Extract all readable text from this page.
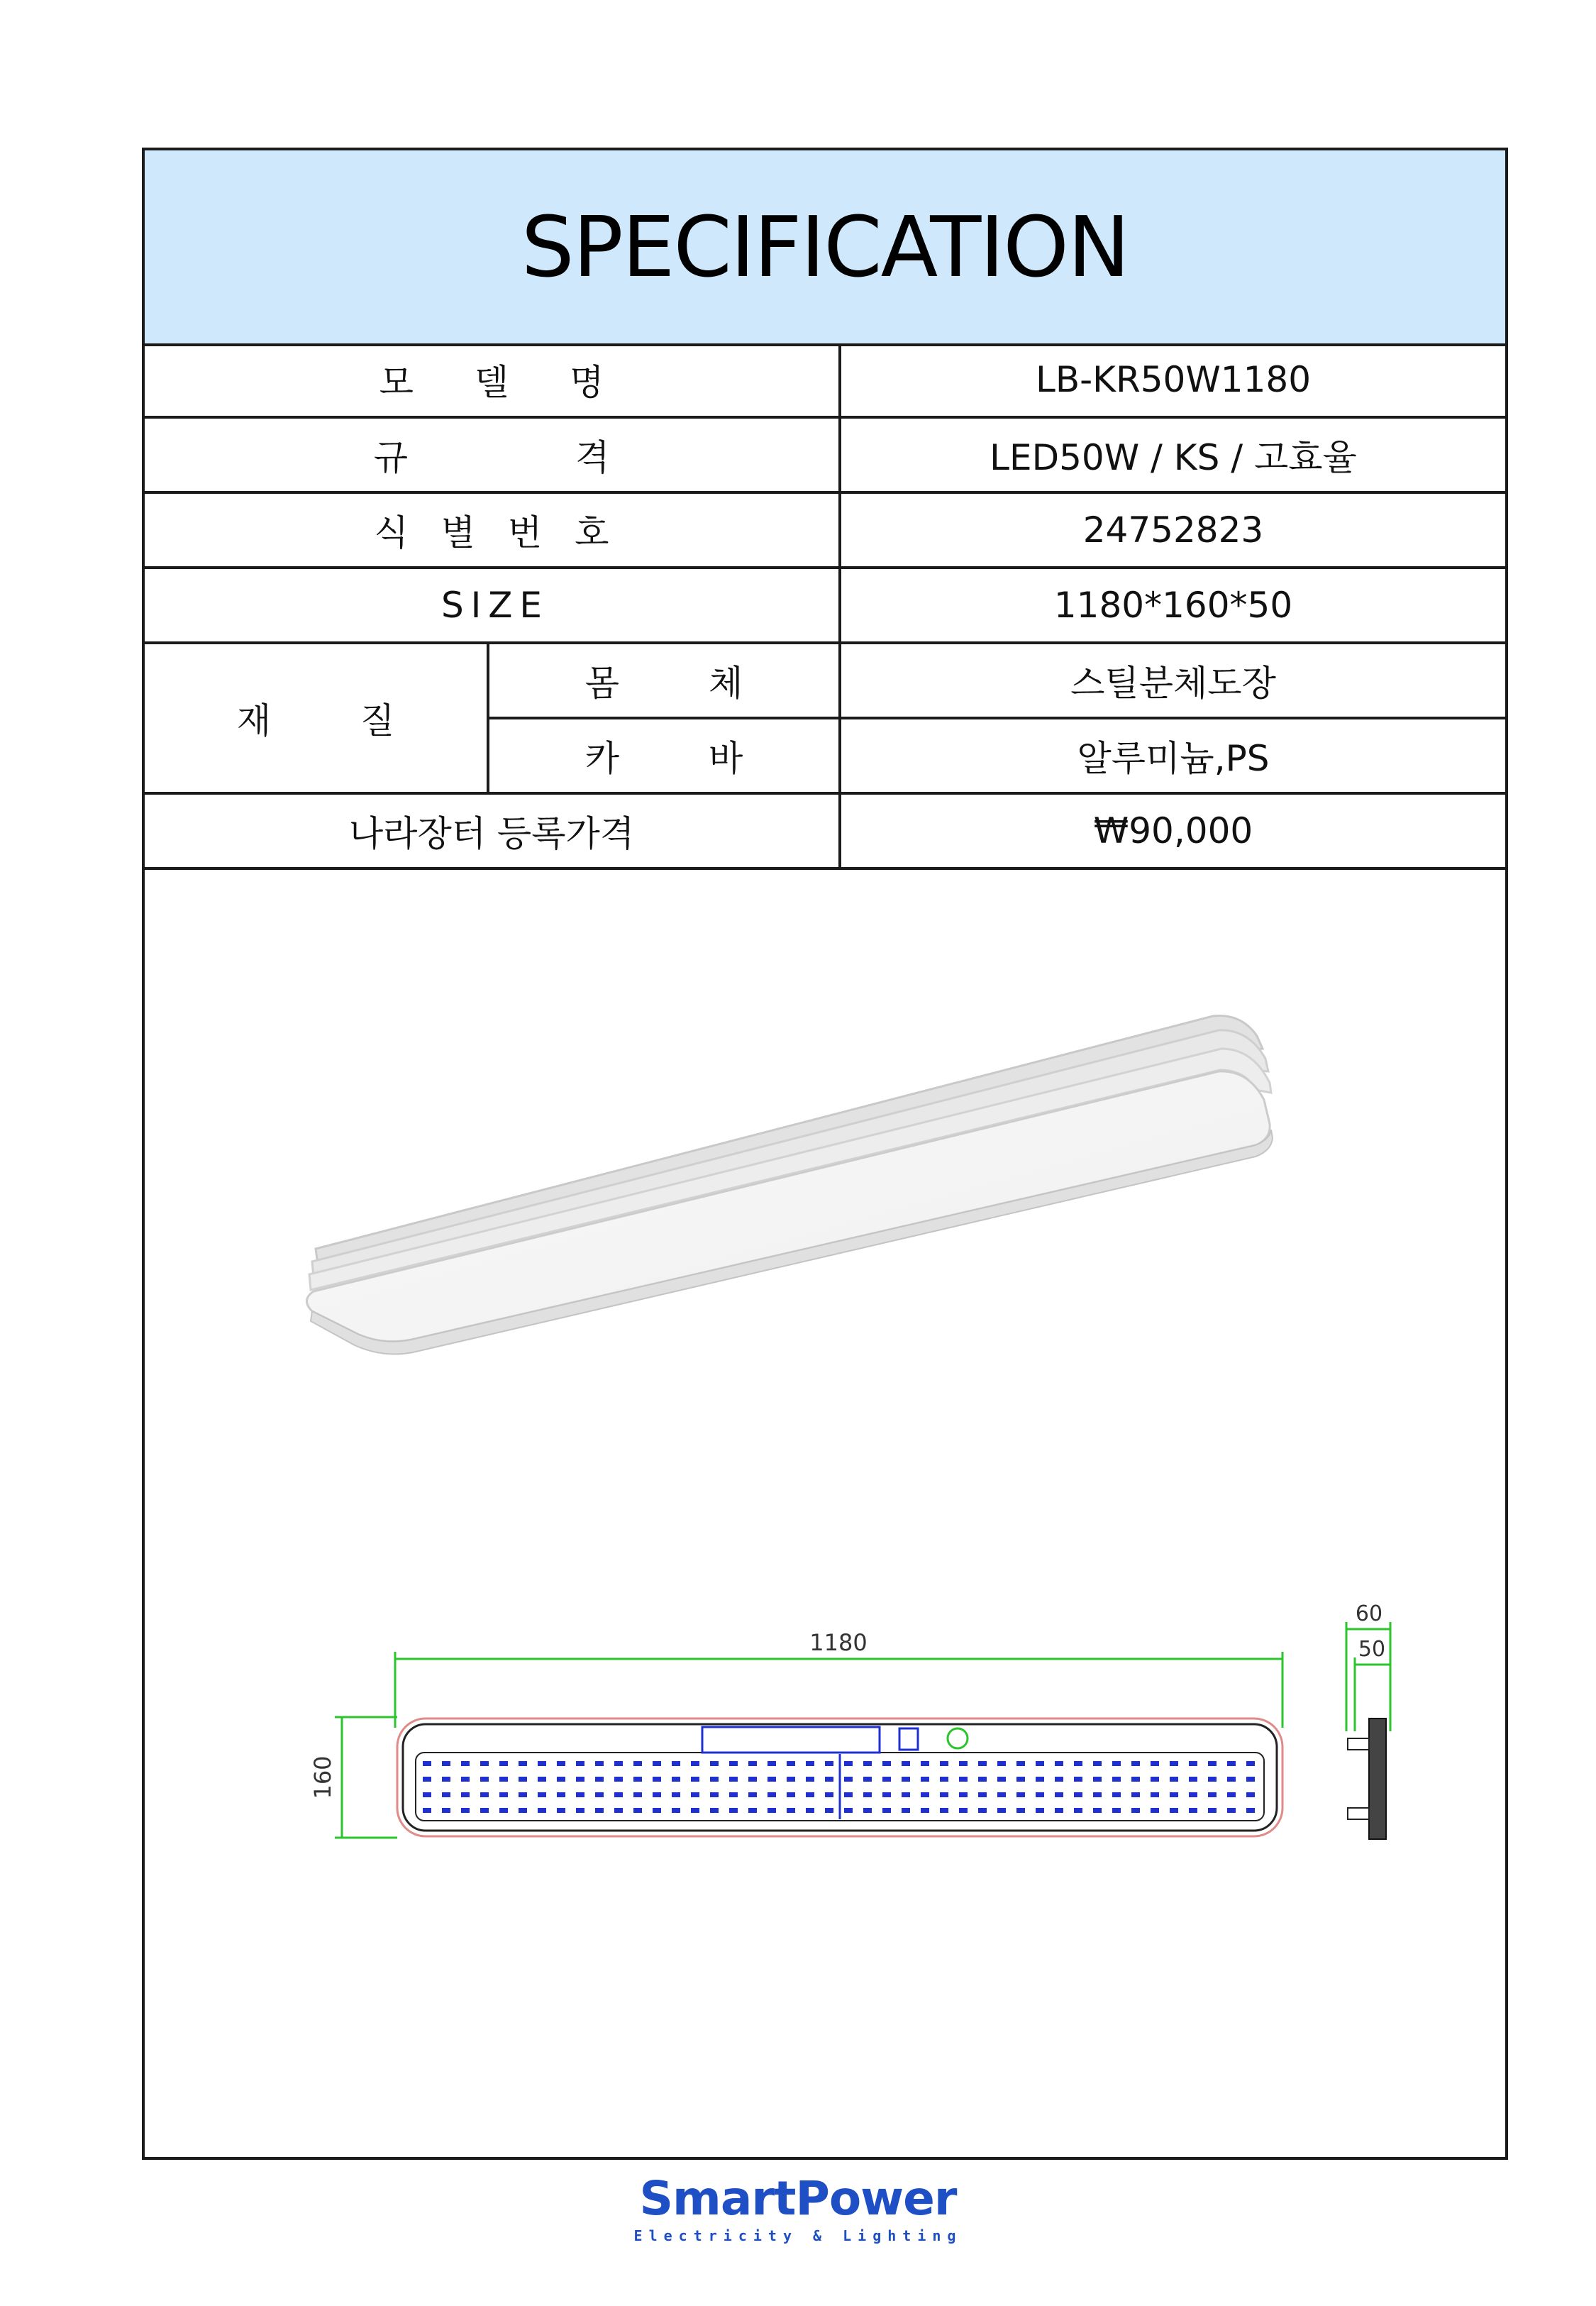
SPECIFICATION
모 델 명		LB-KR50W1180
규 격		LED50W / KS / 고효율
식 별 번 호		24752823
S I Z E		1180*160*50
재 질	몸 체	스틸분체도장
	카 바	알루미늄,PS
나라장터 등록가격		₩90,000
1180
160
60
50
SmartPower
Electricity & Lighting
